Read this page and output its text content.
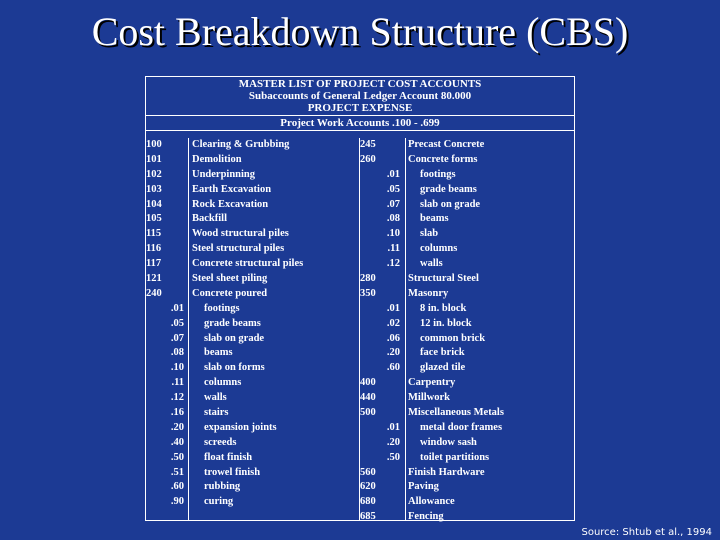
Cost Breakdown Structure (CBS)
MASTER LIST OF PROJECT COST ACCOUNTS
Subaccounts of General Ledger Account 80.000
PROJECT EXPENSE
Project Work Accounts .100 - .699
100
101
102
103
104
105
115
116
117
121
240
.01
.05
.07
.08
.10
.11
.12
.16
.20
.40
.50
.51
.60
.90
Clearing & Grubbing
Demolition
Underpinning
Earth Excavation
Rock Excavation
Backfill
Wood structural piles
Steel structural piles
Concrete structural piles
Steel sheet piling
Concrete poured
footings
grade beams
slab on grade
beams
slab on forms
columns
walls
stairs
expansion joints
screeds
float finish
trowel finish
rubbing
curing
245
260
.01
.05
.07
.08
.10
.11
.12
280
350
.01
.02
.06
.20
.60
400
440
500
.01
.20
.50
560
620
680
685
Precast Concrete
Concrete forms
footings
grade beams
slab on grade
beams
slab
columns
walls
Structural Steel
Masonry
8 in. block
12 in. block
common brick
face brick
glazed tile
Carpentry
Millwork
Miscellaneous Metals
metal door frames
window sash
toilet partitions
Finish Hardware
Paving
Allowance
Fencing
Source: Shtub et al., 1994
